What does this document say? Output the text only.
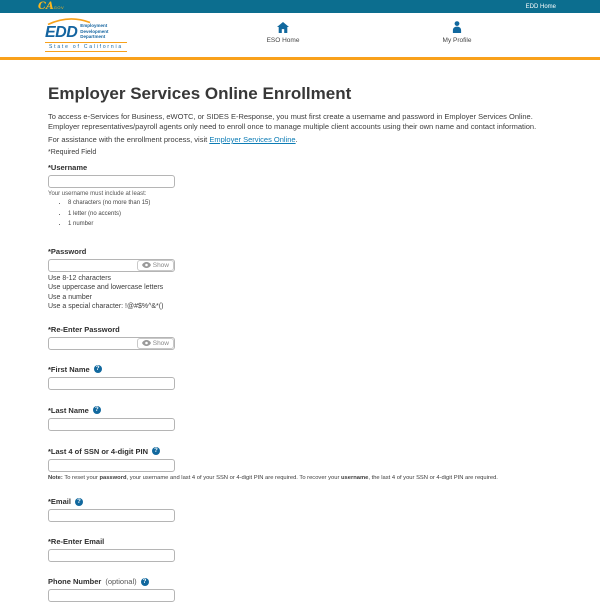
CAGOV	EDD Home
EDD Employment
Development
Department
State of California
ESO Home	My Profile
Employer Services Online Enrollment

To access e-Services for Business, eWOTC, or SIDES E-Response, you must first create a username and password in Employer Services Online. Employer representatives/payroll agents only need to enroll once to manage multiple client accounts using their own name and contact information.

For assistance with the enrollment process, visit Employer Services Online.

*Required Field
*Username
Your username must include at least:
• 8 characters (no more than 15)
• 1 letter (no accents)
• 1 number
*Password
Show
Use 8-12 characters
Use uppercase and lowercase letters
Use a number
Use a special character: !@#$%^&*()
*Re-Enter Password
Show
*First Name	?
*Last Name	?
*Last 4 of SSN or 4-digit PIN	?
Note: To reset your password, your username and last 4 of your SSN or 4-digit PIN are required. To recover your username, the last 4 of your SSN or 4-digit PIN are required.
*Email	?
*Re-Enter Email
Phone Number (optional)	?
